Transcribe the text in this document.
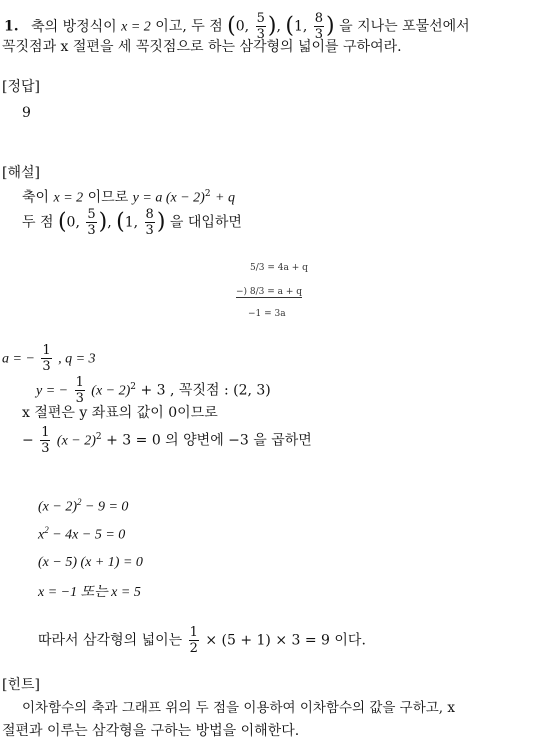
1. 축의 방정식이 x = 2 이고, 두 점 (0, $\frac{5}{3}$ ), (1, $\frac{8}{3}$ ) 을 지나는 포물선에서
꼭짓점과 x 절편을 세 꼭짓점으로 하는 삼각형의 넓이를 구하여라.
[정답]
9
[해설]
축이 x = 2 이므로 y = a $(x - 2)^2 + q$
두 점 (0, $\frac{5}{3}$ ), (1, $\frac{8}{3}$ ) 을 대입하면
5/3 = 4a + q
−) 8/3 = a + q
−1 = 3a
a = − $\frac{1}{3}$ , q = 3
y = − $\frac{1}{3} (x - 2)^2 + 3$ , 꼭짓점 : (2, 3)
x 절편은 y 좌표의 값이 0이므로
− $\frac{1}{3} (x - 2)^2 + 3 = 0$ 의 양변에 −3 을 곱하면
$(x - 2)^2 - 9 = 0$
$x^2 - 4x - 5 = 0$
(x − 5) (x + 1) = 0
x = −1 또는 x = 5
따라서 삼각형의 넓이는 $\frac{1}{2} \times (5 + 1) \times 3 = 9$ 이다.
[힌트]
이차함수의 축과 그래프 위의 두 점을 이용하여 이차함수의 값을 구하고, x
절편과 이루는 삼각형을 구하는 방법을 이해한다.
